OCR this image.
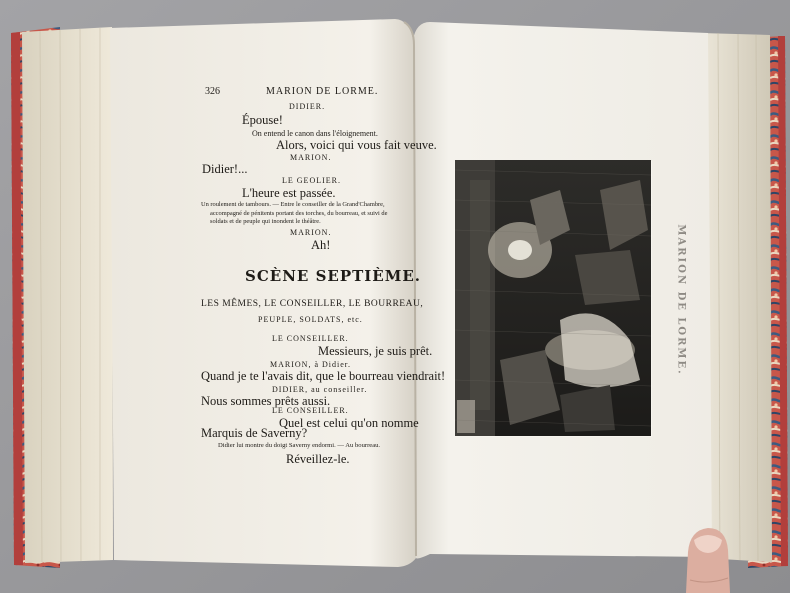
326	MARION DE LORME.
DIDIER.
Épouse!
On entend le canon dans l'éloignement.
Alors, voici qui vous fait veuve.
MARION.
Didier!...
LE GEOLIER.
L'heure est passée.
Un roulement de tambours. — Entre le conseiller de la Grand'Chambre,
accompagné de pénitents portant des torches, du bourreau, et suivi de
soldats et de peuple qui inondent le théâtre.
MARION.
Ah!
SCÈNE SEPTIÈME.
LES MÊMES, LE CONSEILLER, LE BOURREAU,
PEUPLE, SOLDATS, etc.
LE CONSEILLER.
Messieurs, je suis prêt.
MARION, à Didier.
Quand je te l'avais dit, que le bourreau viendrait!
DIDIER, au conseiller.
Nous sommes prêts aussi.
LE CONSEILLER.
Quel est celui qu'on nomme
Marquis de Saverny?
Didier lui montre du doigt Saverny endormi. — Au bourreau.
Réveillez-le.
MARION DE LORME.
